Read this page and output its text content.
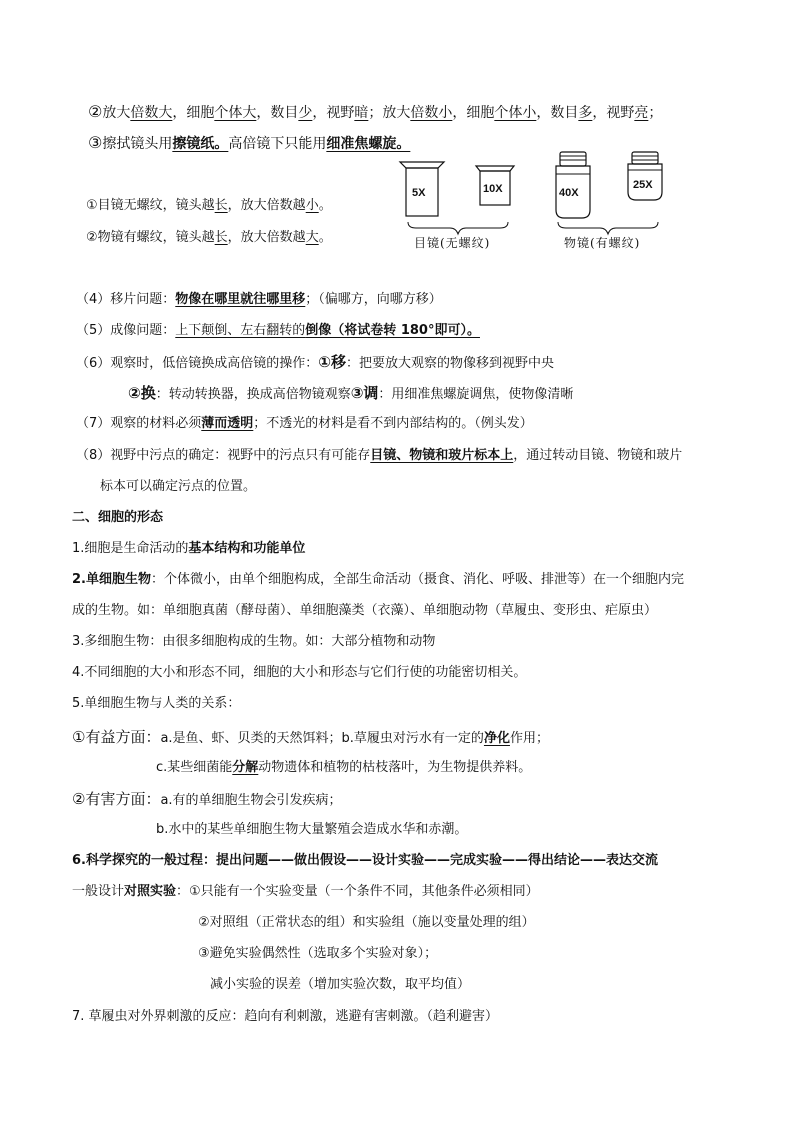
②放大倍数大，细胞个体大，数目少，视野暗；放大倍数小，细胞个体小，数目多，视野亮；
③擦拭镜头用擦镜纸。高倍镜下只能用细准焦螺旋。
①目镜无螺纹，镜头越长，放大倍数越小。
②物镜有螺纹，镜头越长，放大倍数越大。
5X	10X	40X
25X
目镜(无螺纹)	物镜(有螺纹)
（4）移片问题：物像在哪里就往哪里移；（偏哪方，向哪方移）
（5）成像问题：上下颠倒、左右翻转的倒像（将试卷转 180°即可）。
（6）观察时，低倍镜换成高倍镜的操作：①移：把要放大观察的物像移到视野中央
②换：转动转换器，换成高倍物镜观察③调：用细准焦螺旋调焦，使物像清晰
（7）观察的材料必须薄而透明；不透光的材料是看不到内部结构的。（例头发）
（8）视野中污点的确定：视野中的污点只有可能存目镜、物镜和玻片标本上，通过转动目镜、物镜和玻片
标本可以确定污点的位置。
二、细胞的形态
1.细胞是生命活动的基本结构和功能单位
2.单细胞生物：个体微小，由单个细胞构成，全部生命活动（摄食、消化、呼吸、排泄等）在一个细胞内完
成的生物。如：单细胞真菌（酵母菌）、单细胞藻类（衣藻）、单细胞动物（草履虫、变形虫、疟原虫）
3.多细胞生物：由很多细胞构成的生物。如：大部分植物和动物
4.不同细胞的大小和形态不同，细胞的大小和形态与它们行使的功能密切相关。
5.单细胞生物与人类的关系：
①有益方面：a.是鱼、虾、贝类的天然饵料；b.草履虫对污水有一定的净化作用；
c.某些细菌能分解动物遗体和植物的枯枝落叶，为生物提供养料。
②有害方面：a.有的单细胞生物会引发疾病；
b.水中的某些单细胞生物大量繁殖会造成水华和赤潮。
6.科学探究的一般过程：提出问题——做出假设——设计实验——完成实验——得出结论——表达交流
一般设计对照实验：①只能有一个实验变量（一个条件不同，其他条件必须相同）
②对照组（正常状态的组）和实验组（施以变量处理的组）
③避免实验偶然性（选取多个实验对象）；
减小实验的误差（增加实验次数，取平均值）
7. 草履虫对外界刺激的反应：趋向有利刺激，逃避有害刺激。（趋利避害）
